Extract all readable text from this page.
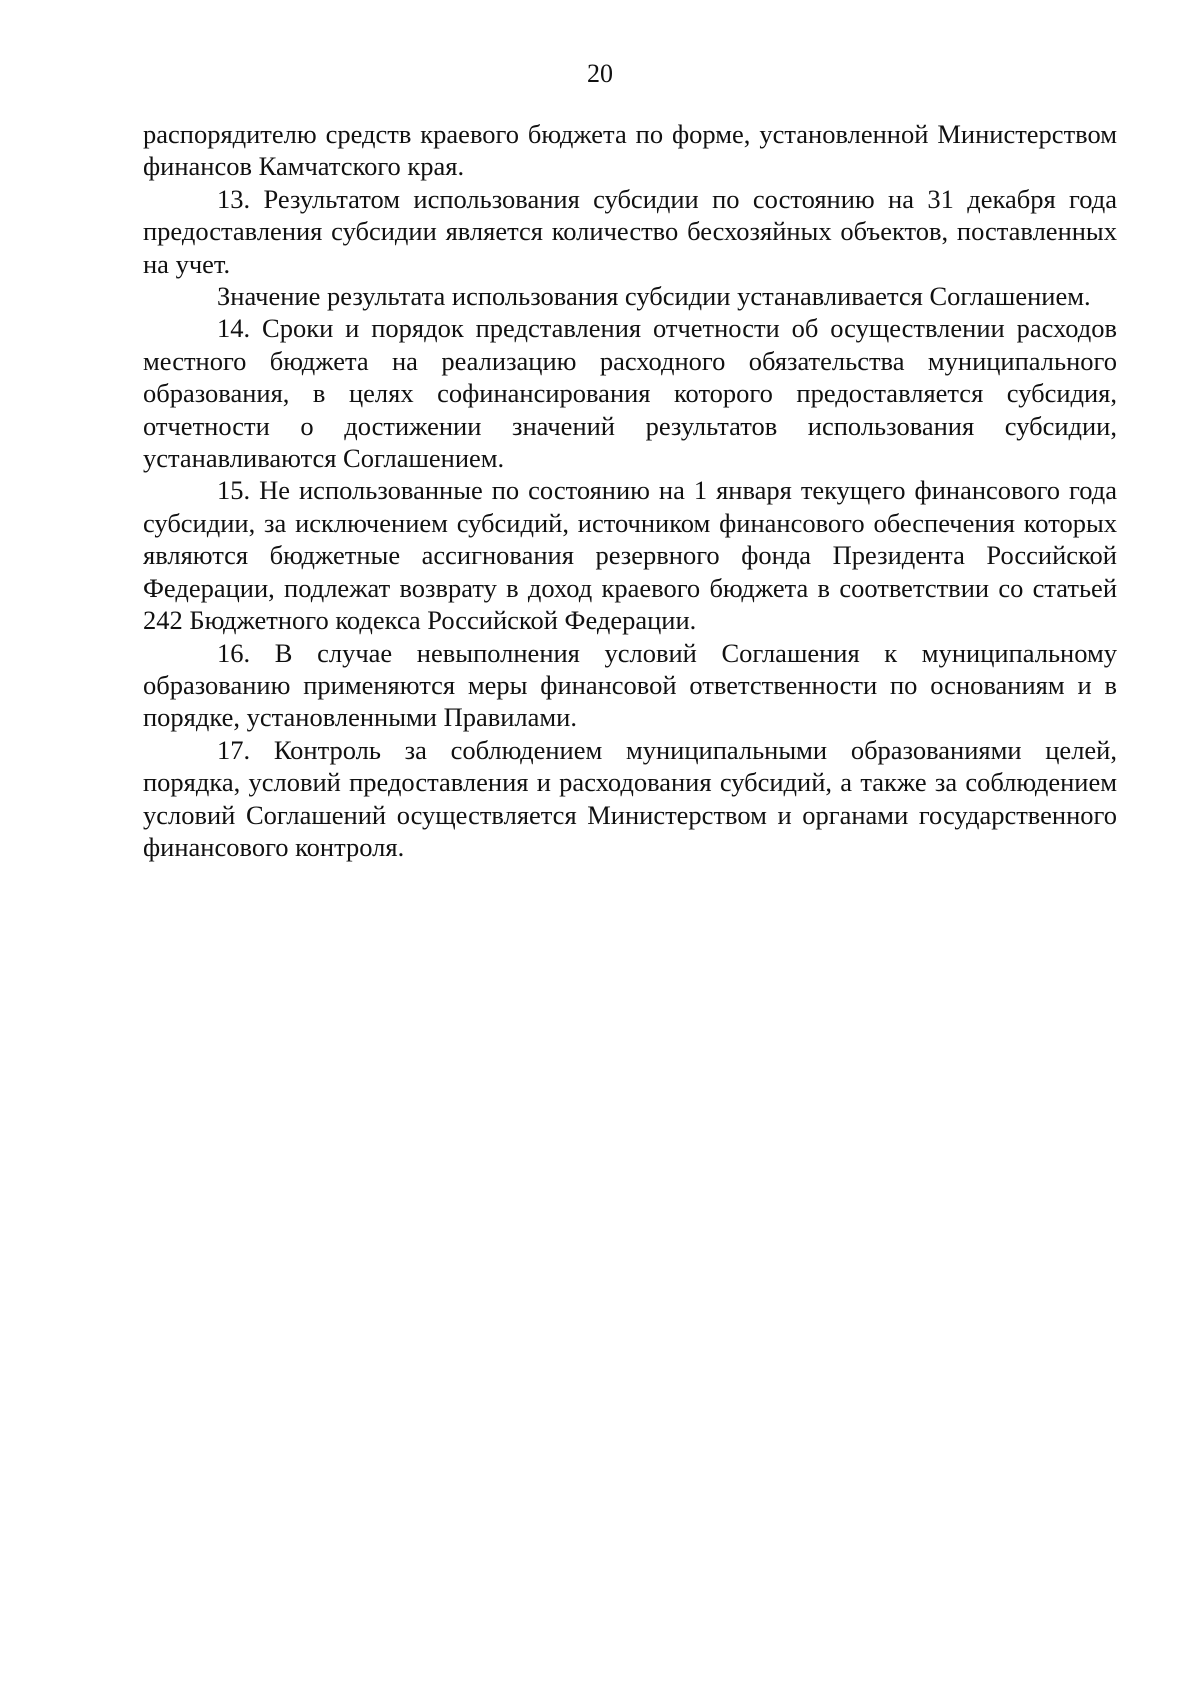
20

распорядителю средств краевого бюджета по форме, установленной Министерством финансов Камчатского края.

13. Результатом использования субсидии по состоянию на 31 декабря года предоставления субсидии является количество бесхозяйных объектов, поставленных на учет.

Значение результата использования субсидии устанавливается Соглашением.

14. Сроки и порядок представления отчетности об осуществлении расходов местного бюджета на реализацию расходного обязательства муниципального образования, в целях софинансирования которого предоставляется субсидия, отчетности о достижении значений результатов использования субсидии, устанавливаются Соглашением.

15. Не использованные по состоянию на 1 января текущего финансового года субсидии, за исключением субсидий, источником финансового обеспечения которых являются бюджетные ассигнования резервного фонда Президента Российской Федерации, подлежат возврату в доход краевого бюджета в соответствии со статьей 242 Бюджетного кодекса Российской Федерации.

16. В случае невыполнения условий Соглашения к муниципальному образованию применяются меры финансовой ответственности по основаниям и в порядке, установленными Правилами.

17. Контроль за соблюдением муниципальными образованиями целей, порядка, условий предоставления и расходования субсидий, а также за соблюдением условий Соглашений осуществляется Министерством и органами государственного финансового контроля.
